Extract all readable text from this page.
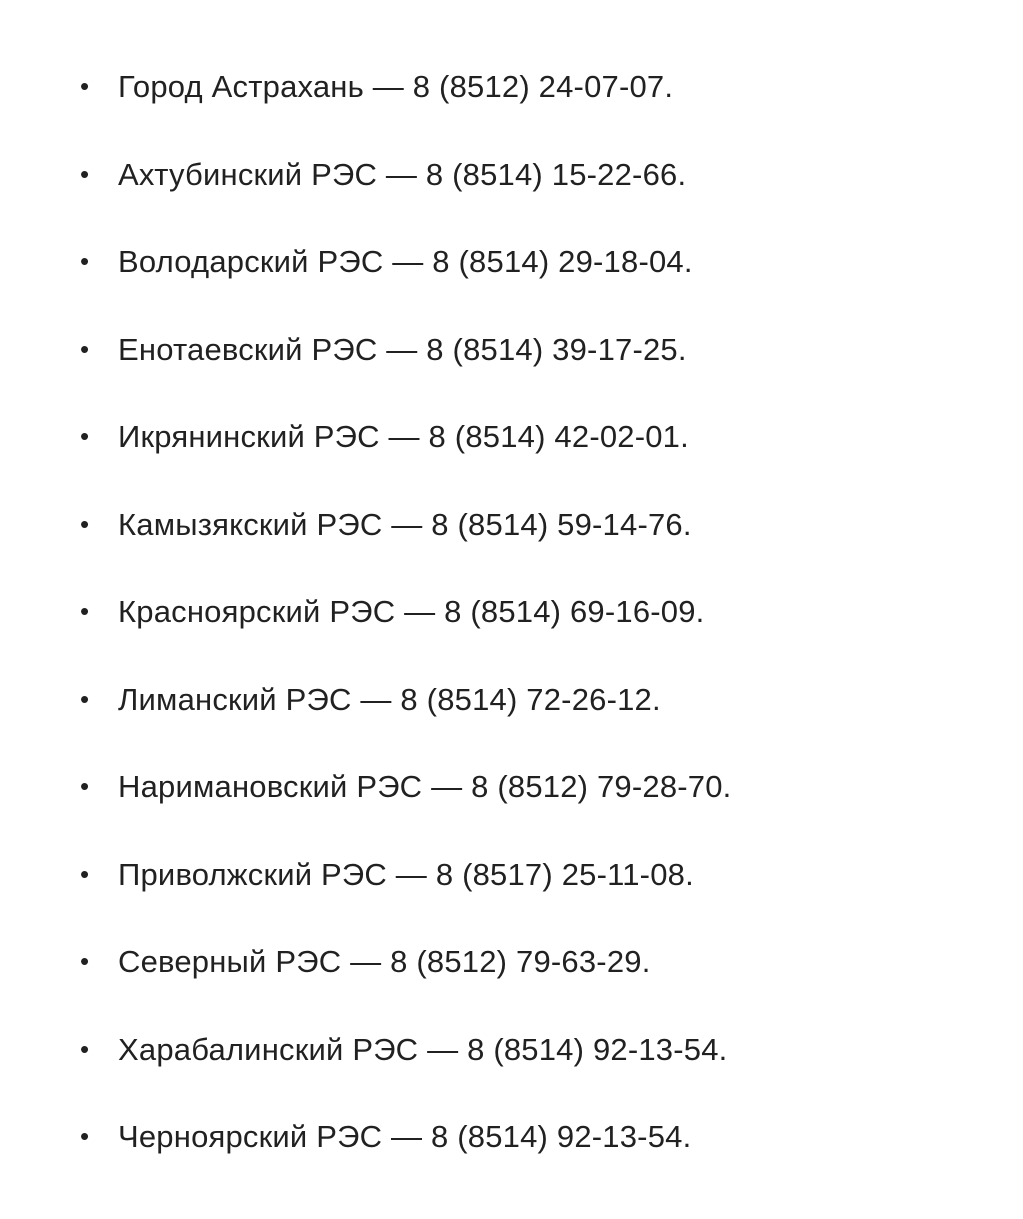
• Город Астрахань — 8 (8512) 24-07-07.
• Ахтубинский РЭС — 8 (8514) 15-22-66.
• Володарский РЭС — 8 (8514) 29-18-04.
• Енотаевский РЭС — 8 (8514) 39-17-25.
• Икрянинский РЭС — 8 (8514) 42-02-01.
• Камызякский РЭС — 8 (8514) 59-14-76.
• Красноярский РЭС — 8 (8514) 69-16-09.
• Лиманский РЭС — 8 (8514) 72-26-12.
• Наримановский РЭС — 8 (8512) 79-28-70.
• Приволжский РЭС — 8 (8517) 25-11-08.
• Северный РЭС — 8 (8512) 79-63-29.
• Харабалинский РЭС — 8 (8514) 92-13-54.
• Черноярский РЭС — 8 (8514) 92-13-54.
